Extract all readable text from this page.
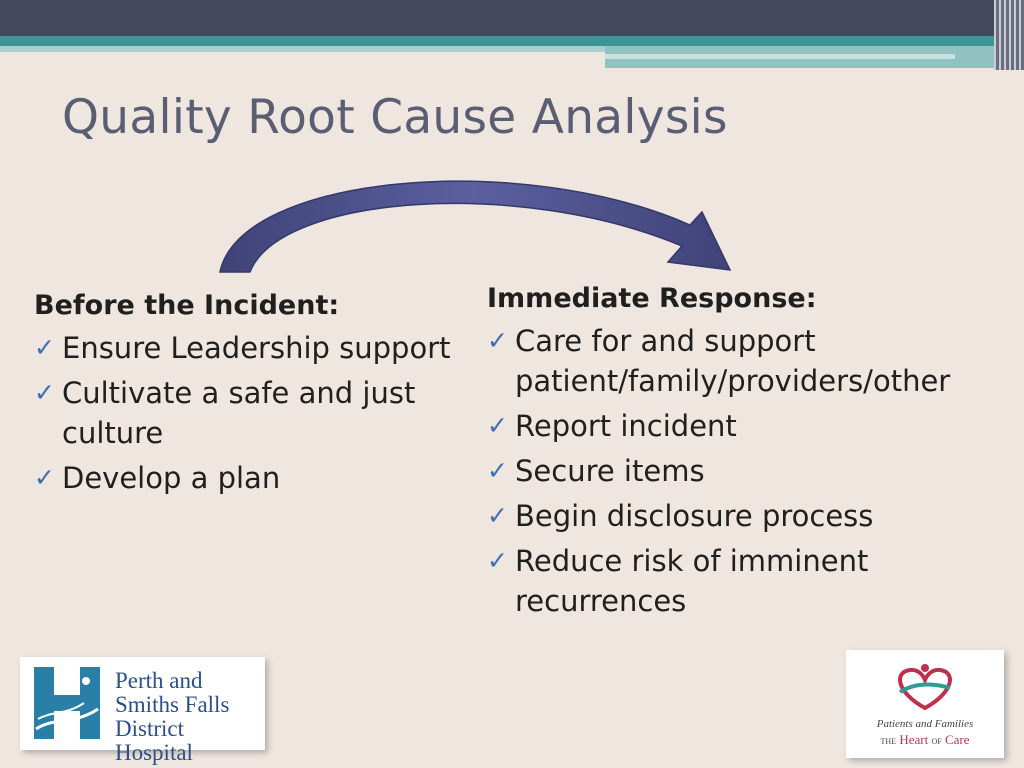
Quality Root Cause Analysis
Before the Incident:
✓ Ensure Leadership support
✓ Cultivate a safe and just culture
✓ Develop a plan
Immediate Response:
✓ Care for and support patient/family/providers/other
✓ Report incident
✓ Secure items
✓ Begin disclosure process
✓ Reduce risk of imminent recurrences
Perth and
Smiths Falls
District Hospital
Patients and Families
THE Heart OF Care
